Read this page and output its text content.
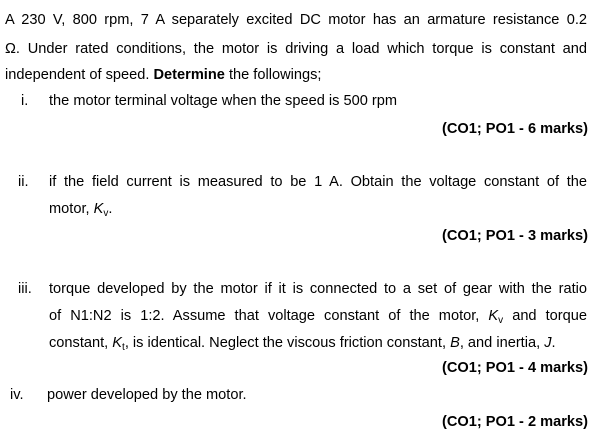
A 230 V, 800 rpm, 7 A separately excited DC motor has an armature resistance 0.2
Ω. Under rated conditions, the motor is driving a load which torque is constant and
independent of speed. Determine the followings;
i. the motor terminal voltage when the speed is 500 rpm
(CO1; PO1 - 6 marks)
ii. if the field current is measured to be 1 A. Obtain the voltage constant of the
motor, $K_v$.
(CO1; PO1 - 3 marks)
iii. torque developed by the motor if it is connected to a set of gear with the ratio
of N1:N2 is 1:2. Assume that voltage constant of the motor, $K_v$ and torque
constant, $K_t$, is identical. Neglect the viscous friction constant, B, and inertia, J.
(CO1; PO1 - 4 marks)
iv. power developed by the motor.
(CO1; PO1 - 2 marks)
